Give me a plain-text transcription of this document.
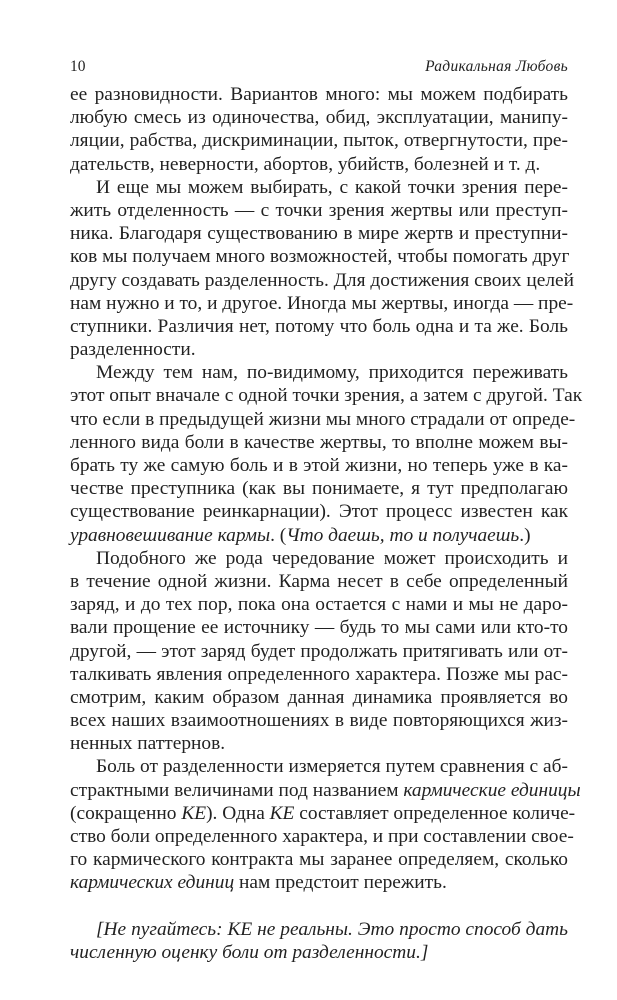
10	Радикальная Любовь
ее разновидности. Вариантов много: мы можем подбирать
любую смесь из одиночества, обид, эксплуатации, манипу-
ляции, рабства, дискриминации, пыток, отвергнутости, пре-
дательств, неверности, абортов, убийств, болезней и т. д.
И еще мы можем выбирать, с какой точки зрения пере-
жить отделенность — с точки зрения жертвы или преступ-
ника. Благодаря существованию в мире жертв и преступни-
ков мы получаем много возможностей, чтобы помогать друг
другу создавать разделенность. Для достижения своих целей
нам нужно и то, и другое. Иногда мы жертвы, иногда — пре-
ступники. Различия нет, потому что боль одна и та же. Боль
разделенности.
Между тем нам, по-видимому, приходится переживать
этот опыт вначале с одной точки зрения, а затем с другой. Так
что если в предыдущей жизни мы много страдали от опреде-
ленного вида боли в качестве жертвы, то вполне можем вы-
брать ту же самую боль и в этой жизни, но теперь уже в ка-
честве преступника (как вы понимаете, я тут предполагаю
существование реинкарнации). Этот процесс известен как
уравновешивание кармы. (Что даешь, то и получаешь.)
Подобного же рода чередование может происходить и
в течение одной жизни. Карма несет в себе определенный
заряд, и до тех пор, пока она остается с нами и мы не даро-
вали прощение ее источнику — будь то мы сами или кто-то
другой, — этот заряд будет продолжать притягивать или от-
талкивать явления определенного характера. Позже мы рас-
смотрим, каким образом данная динамика проявляется во
всех наших взаимоотношениях в виде повторяющихся жиз-
ненных паттернов.
Боль от разделенности измеряется путем сравнения с аб-
страктными величинами под названием кармические единицы
(сокращенно КЕ). Одна КЕ составляет определенное количе-
ство боли определенного характера, и при составлении свое-
го кармического контракта мы заранее определяем, сколько
кармических единиц нам предстоит пережить.
[Не пугайтесь: КЕ не реальны. Это просто способ дать
численную оценку боли от разделенности.]
